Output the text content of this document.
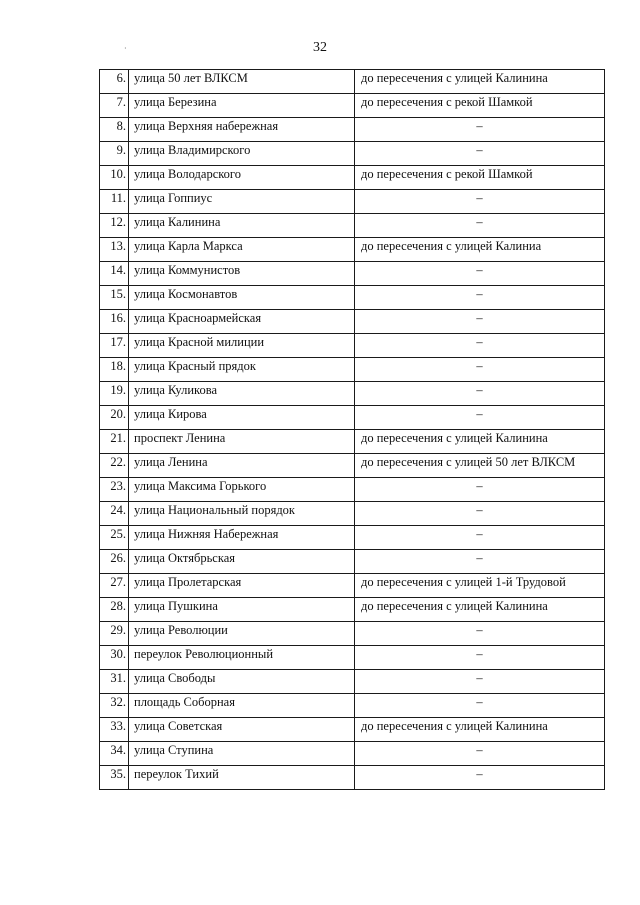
32
·
6.	улица 50 лет ВЛКСМ	до пересечения с улицей Калинина
7.	улица Березина	до пересечения с рекой Шамкой
8.	улица Верхняя набережная	–
9.	улица Владимирского	–
10.	улица Володарского	до пересечения с рекой Шамкой
11.	улица Гоппиус	–
12.	улица Калинина	–
13.	улица Карла Маркса	до пересечения с улицей Калиниа
14.	улица Коммунистов	–
15.	улица Космонавтов	–
16.	улица Красноармейская	–
17.	улица Красной милиции	–
18.	улица Красный прядок	–
19.	улица Куликова	–
20.	улица Кирова	–
21.	проспект Ленина	до пересечения с улицей Калинина
22.	улица Ленина	до пересечения с улицей 50 лет ВЛКСМ
23.	улица Максима Горького	–
24.	улица Национальный порядок	–
25.	улица Нижняя Набережная	–
26.	улица Октябрьская	–
27.	улица Пролетарская	до пересечения с улицей 1-й Трудовой
28.	улица Пушкина	до пересечения с улицей Калинина
29.	улица Революции	–
30.	переулок Революционный	–
31.	улица Свободы	–
32.	площадь Соборная	–
33.	улица Советская	до пересечения с улицей Калинина
34.	улица Ступина	–
35.	переулок Тихий	–
